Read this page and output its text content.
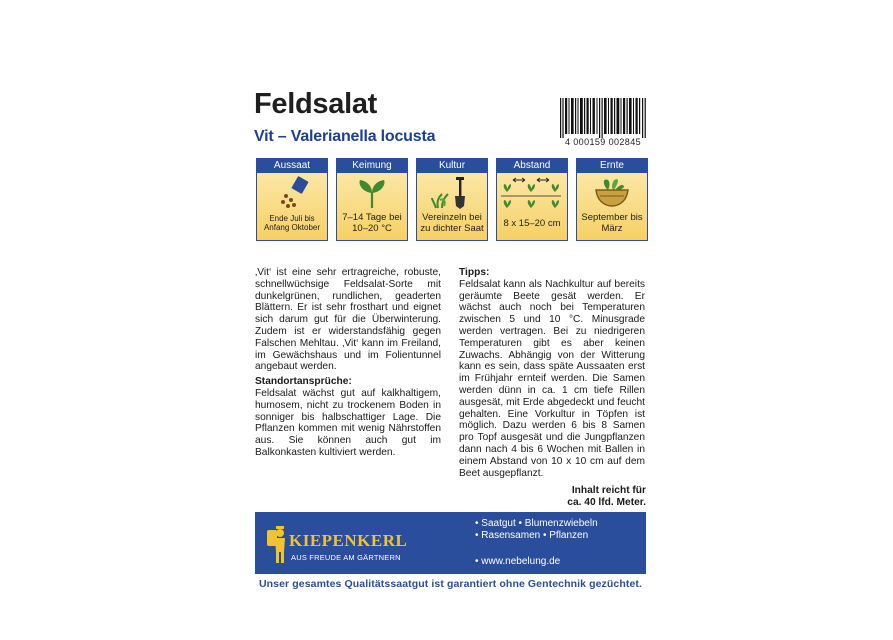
Feldsalat
Vit – Valerianella locusta	4 000159 002845
Aussaat
Ende Juli bis Anfang Oktober
Keimung
7–14 Tage bei 10–20 °C
Kultur
Vereinzeln bei zu dichter Saat
Abstand
8 x 15–20 cm
Ernte
September bis März
‚Vit‘ ist eine sehr ertragreiche, robuste, schnellwüchsige Feldsalat-Sorte mit dunkelgrünen, rundlichen, geaderten Blättern. Er ist sehr frosthart und eignet sich darum gut für die Überwinterung. Zudem ist er widerstandsfähig gegen Falschen Mehltau. ‚Vit‘ kann im Freiland, im Gewächshaus und im Folientunnel angebaut werden.
Standortansprüche:
Feldsalat wächst gut auf kalkhaltigem, humosem, nicht zu trockenem Boden in sonniger bis halbschattiger Lage. Die Pflanzen kommen mit wenig Nährstoffen aus. Sie können auch gut im Balkonkasten kultiviert werden.
Tipps:
Feldsalat kann als Nachkultur auf bereits geräumte Beete gesät werden. Er wächst auch noch bei Temperaturen zwischen 5 und 10 °C. Minusgrade werden vertragen. Bei zu niedrigeren Temperaturen gibt es aber keinen Zuwachs. Abhängig von der Witterung kann es sein, dass späte Aussaaten erst im Frühjahr ernteif werden. Die Samen werden dünn in ca. 1 cm tiefe Rillen ausgesät, mit Erde abgedeckt und feucht gehalten. Eine Vorkultur in Töpfen ist möglich. Dazu werden 6 bis 8 Samen pro Topf ausgesät und die Jungpflanzen dann nach 4 bis 6 Wochen mit Ballen in einem Abstand von 10 x 10 cm auf dem Beet ausgepflanzt.
Inhalt reicht für
ca. 40 lfd. Meter.
KIEPENKERL
AUS FREUDE AM GÄRTNERN
• Saatgut • Blumenzwiebeln
• Rasensamen • Pflanzen
• www.nebelung.de
Unser gesamtes Qualitätssaatgut ist garantiert ohne Gentechnik gezüchtet.
